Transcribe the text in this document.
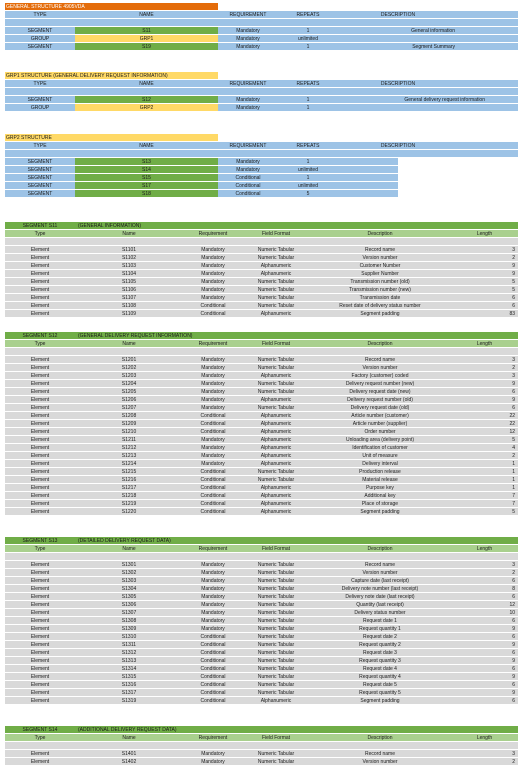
GENERAL STRUCTURE 4905VDA
TYPE	NAME	REQUIREMENT	REPEATS	DESCRIPTION
SEGMENT	S11	Mandatory	1	General information
GROUP	GRP1	Mandatory	unlimited
SEGMENT	S19	Mandatory	1	Segment Summary
GRP1 STRUCTURE (GENERAL DELIVERY REQUEST INFORMATION)
TYPE	NAME	REQUIREMENT	REPEATS	DESCRIPTION
SEGMENT	S12	Mandatory	1	General delivery request information
GROUP	GRP2	Mandatory	1
GRP2 STRUCTURE
TYPE	NAME	REQUIREMENT	REPEATS	DESCRIPTION
SEGMENT	S13	Mandatory	1
SEGMENT	S14	Mandatory	unlimited
SEGMENT	S15	Conditional	1
SEGMENT	S17	Conditional	unlimited
SEGMENT	S18	Conditional	5
SEGMENT S11	(GENERAL INFORMATION)
Type	Name	Requirement	Field Format	Description	Length
Element	S1101	Mandatory	Numeric Tabular	Record name	3
Element	S1102	Mandatory	Numeric Tabular	Version number	2
Element	S1103	Mandatory	Alphanumeric	Customer Number	9
Element	S1104	Mandatory	Alphanumeric	Supplier Number	9
Element	S1105	Mandatory	Numeric Tabular	Transmission number (old)	5
Element	S1106	Mandatory	Numeric Tabular	Transmission number (new)	5
Element	S1107	Mandatory	Numeric Tabular	Transmission date	6
Element	S1108	Conditional	Numeric Tabular	Reset date of delivery status number	6
Element	S1109	Conditional	Alphanumeric	Segment padding	83
SEGMENT S12	(GENERAL DELIVERY REQUEST INFORMATION)
Type	Name	Requirement	Field Format	Description	Length
Element	S1201	Mandatory	Numeric Tabular	Record name	3
Element	S1202	Mandatory	Numeric Tabular	Version number	2
Element	S1203	Mandatory	Alphanumeric	Factory (customer) coded	3
Element	S1204	Mandatory	Numeric Tabular	Delivery request number (new)	9
Element	S1205	Mandatory	Numeric Tabular	Delivery request date (new)	6
Element	S1206	Mandatory	Alphanumeric	Delivery request number (old)	9
Element	S1207	Mandatory	Numeric Tabular	Delivery request date (old)	6
Element	S1208	Conditional	Alphanumeric	Article number (customer)	22
Element	S1209	Conditional	Alphanumeric	Article number (supplier)	22
Element	S1210	Conditional	Alphanumeric	Order number	12
Element	S1211	Mandatory	Alphanumeric	Unloading area (delivery point)	5
Element	S1212	Mandatory	Alphanumeric	Identification of customer	4
Element	S1213	Mandatory	Alphanumeric	Unit of measure	2
Element	S1214	Mandatory	Alphanumeric	Delivery interval	1
Element	S1215	Conditional	Numeric Tabular	Production release	1
Element	S1216	Conditional	Numeric Tabular	Material release	1
Element	S1217	Conditional	Alphanumeric	Purpose key	1
Element	S1218	Conditional	Alphanumeric	Additional key	7
Element	S1219	Conditional	Alphanumeric	Place of storage	7
Element	S1220	Conditional	Alphanumeric	Segment padding	5
SEGMENT S13	(DETAILED DELIVERY REQUEST DATA)
Type	Name	Requirement	Field Format	Description	Length
Element	S1301	Mandatory	Numeric Tabular	Record name	3
Element	S1302	Mandatory	Numeric Tabular	Version number	2
Element	S1303	Mandatory	Numeric Tabular	Capture date (last receipt)	6
Element	S1304	Mandatory	Numeric Tabular	Delivery note number (last receipt)	8
Element	S1305	Mandatory	Numeric Tabular	Delivery note date (last receipt)	6
Element	S1306	Mandatory	Numeric Tabular	Quantity (last receipt)	12
Element	S1307	Mandatory	Numeric Tabular	Delivery status number	10
Element	S1308	Mandatory	Numeric Tabular	Request date 1	6
Element	S1309	Mandatory	Numeric Tabular	Request quantity 1	9
Element	S1310	Conditional	Numeric Tabular	Request date 2	6
Element	S1311	Conditional	Numeric Tabular	Request quantity 2	9
Element	S1312	Conditional	Numeric Tabular	Request date 3	6
Element	S1313	Conditional	Numeric Tabular	Request quantity 3	9
Element	S1314	Conditional	Numeric Tabular	Request date 4	6
Element	S1315	Conditional	Numeric Tabular	Request quantity 4	9
Element	S1316	Conditional	Numeric Tabular	Request date 5	6
Element	S1317	Conditional	Numeric Tabular	Request quantity 5	9
Element	S1319	Conditional	Alphanumeric	Segment padding	6
SEGMENT S14	(ADDITIONAL DELIVERY REQUEST DATA)
Type	Name	Requirement	Field Format	Description	Length
Element	S1401	Mandatory	Numeric Tabular	Record name	3
Element	S1402	Mandatory	Numeric Tabular	Version number	2
